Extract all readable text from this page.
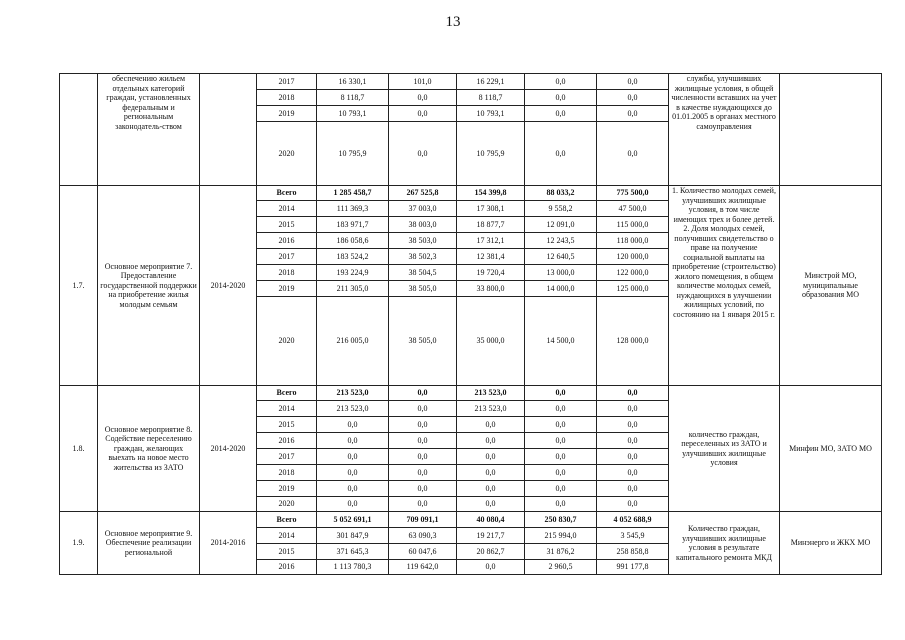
13
	обеспечению жильем отдельных категорий граждан, установленных федеральным и региональным законодатель-ством		2017	16 330,1	101,0	16 229,1	0,0	0,0	службы, улучшивших жилищные условия, в общей численности вставших на учет в качестве нуждающихся до 01.01.2005 в органах местного самоуправления	
			2018	8 118,7	0,0	8 118,7	0,0	0,0		
			2019	10 793,1	0,0	10 793,1	0,0	0,0		
			2020	10 795,9	0,0	10 795,9	0,0	0,0		
1.7.	Основное мероприятие 7. Предоставление государственной поддержки на приобретение жилья молодым семьям	2014-2020	Всего	1 285 458,7	267 525,8	154 399,8	88 033,2	775 500,0	1. Количество молодых семей, улучшивших жилищные условия, в том числе имеющих трех и более детей. 2. Доля молодых семей, получивших свидетельство о праве на получение социальной выплаты на приобретение (строительство) жилого помещения, в общем количестве молодых семей, нуждающихся в улучшении жилищных условий, по состоянию на 1 января 2015 г.	Минстрой МО, муниципальные образования МО
			2014	111 369,3	37 003,0	17 308,1	9 558,2	47 500,0		
			2015	183 971,7	38 003,0	18 877,7	12 091,0	115 000,0		
			2016	186 058,6	38 503,0	17 312,1	12 243,5	118 000,0		
			2017	183 524,2	38 502,3	12 381,4	12 640,5	120 000,0		
			2018	193 224,9	38 504,5	19 720,4	13 000,0	122 000,0		
			2019	211 305,0	38 505,0	33 800,0	14 000,0	125 000,0		
			2020	216 005,0	38 505,0	35 000,0	14 500,0	128 000,0		
1.8.	Основное мероприятие 8. Содействие переселению граждан, желающих выехать на новое место жительства из ЗАТО	2014-2020	Всего	213 523,0	0,0	213 523,0	0,0	0,0	количество граждан, переселенных из ЗАТО и улучшивших жилищные условия	Минфин МО, ЗАТО МО
			2014	213 523,0	0,0	213 523,0	0,0	0,0		
			2015	0,0	0,0	0,0	0,0	0,0		
			2016	0,0	0,0	0,0	0,0	0,0		
			2017	0,0	0,0	0,0	0,0	0,0		
			2018	0,0	0,0	0,0	0,0	0,0		
			2019	0,0	0,0	0,0	0,0	0,0		
			2020	0,0	0,0	0,0	0,0	0,0		
1.9.	Основное мероприятие 9. Обеспечение реализации региональной	2014-2016	Всего	5 052 691,1	709 091,1	40 080,4	250 830,7	4 052 688,9	Количество граждан, улучшивших жилищные условия в результате капитального ремонта МКД	Минэнерго и ЖКХ МО
			2014	301 847,9	63 090,3	19 217,7	215 994,0	3 545,9		
			2015	371 645,3	60 047,6	20 862,7	31 876,2	258 858,8		
			2016	1 113 780,3	119 642,0	0,0	2 960,5	991 177,8		
